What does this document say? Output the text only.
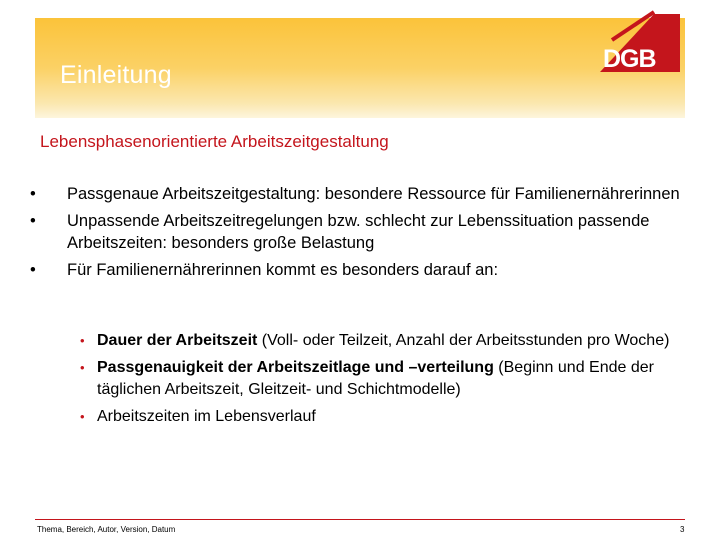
Einleitung
DGB
Lebensphasenorientierte Arbeitszeitgestaltung
• Passgenaue Arbeitszeitgestaltung: besondere Ressource für Familienernährerinnen
• Unpassende Arbeitszeitregelungen bzw. schlecht zur Lebenssituation passende Arbeitszeiten: besonders große Belastung
• Für Familienernährerinnen kommt es besonders darauf an:
• Dauer der Arbeitszeit (Voll- oder Teilzeit, Anzahl der Arbeitsstunden pro Woche)
• Passgenauigkeit der Arbeitszeitlage und –verteilung (Beginn und Ende der täglichen Arbeitszeit, Gleitzeit- und Schichtmodelle)
• Arbeitszeiten im Lebensverlauf
Thema, Bereich, Autor, Version, Datum	3
